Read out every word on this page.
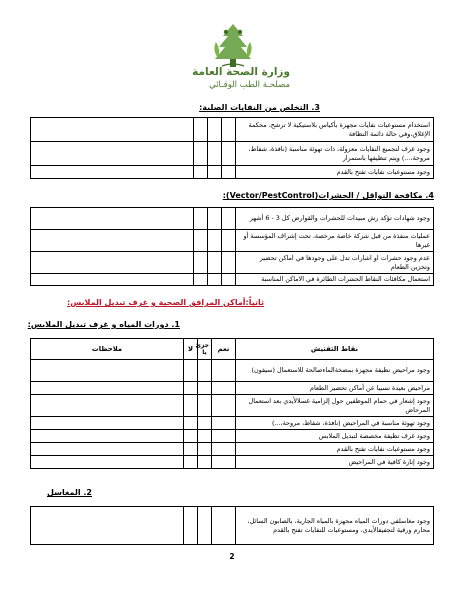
وزارة الصحة العامة
مصلحـة الطب الوقـائي
3. التخلص من النفايات الصلبة:
استخدام مستوعبات نفايات مجهزة بأكياس بلاستيكية لا ترشح، محكمة الإغلاق،وفي حالة دائمة النظافة				
وجود غرف لتجميع النفايات معزولة، ذات تهوئة مناسبة (نافذة، شفاط، مروحة،...) ويتم تنظيفها باستمرار				
وجود مستوعبات نفايات تفتح بالقدم				
4. مكافحة النواقل / الحشرات(Vector/PestControl):
وجود شهادات تؤكد رش مبيدات للحشرات والقوارض كل 3 - 6 أشهر				
عمليات منفذة من قبل شركة خاصة مرخصة، تحت إشراف المؤسسة أو غيرها				
عدم وجود حشرات او اشارات تدل على وجودها في اماكن تحضير وتخزين الطعام				
استعمال مكافئات النقاط الحشرات الطائرة في الاماكن المناسبة				
ثانياً:أماكن المرافق الصحية و غرف تبديل الملابس:
1. دورات المياه و غرف تبديل الملابس:
نقاط التفتيش	نعم	جزئ يا	لا	ملاحظات
وجود مراحيض نظيفة مجهزة بمضخةالماءصالحة للاستعمال (سيفون)				
مراحيض بعيدة نسبيا عن أماكن تحضير الطعام				
وجود إشعار في حمام الموظفين حول إلزامية غسلالأيدي بعد استعمال المرحاض				
وجود تهوئة مناسبة في المراحيض (نافذة، شفاط، مروحة،...)				
وجود غرف نظيفة مخصصة لتبديل الملابس				
وجود مستوعبات نفايات تفتح بالقدم				
وجود إنارة كافية في المراحيض				
2. المغاسل
وجود مغاسلفي دورات المياه مجهزة بالمياه الجارية، بالصابون السائل، محارم ورقية لتجفيفالأيدي، ومستوعبات للنفايات تفتح بالقدم				
2
